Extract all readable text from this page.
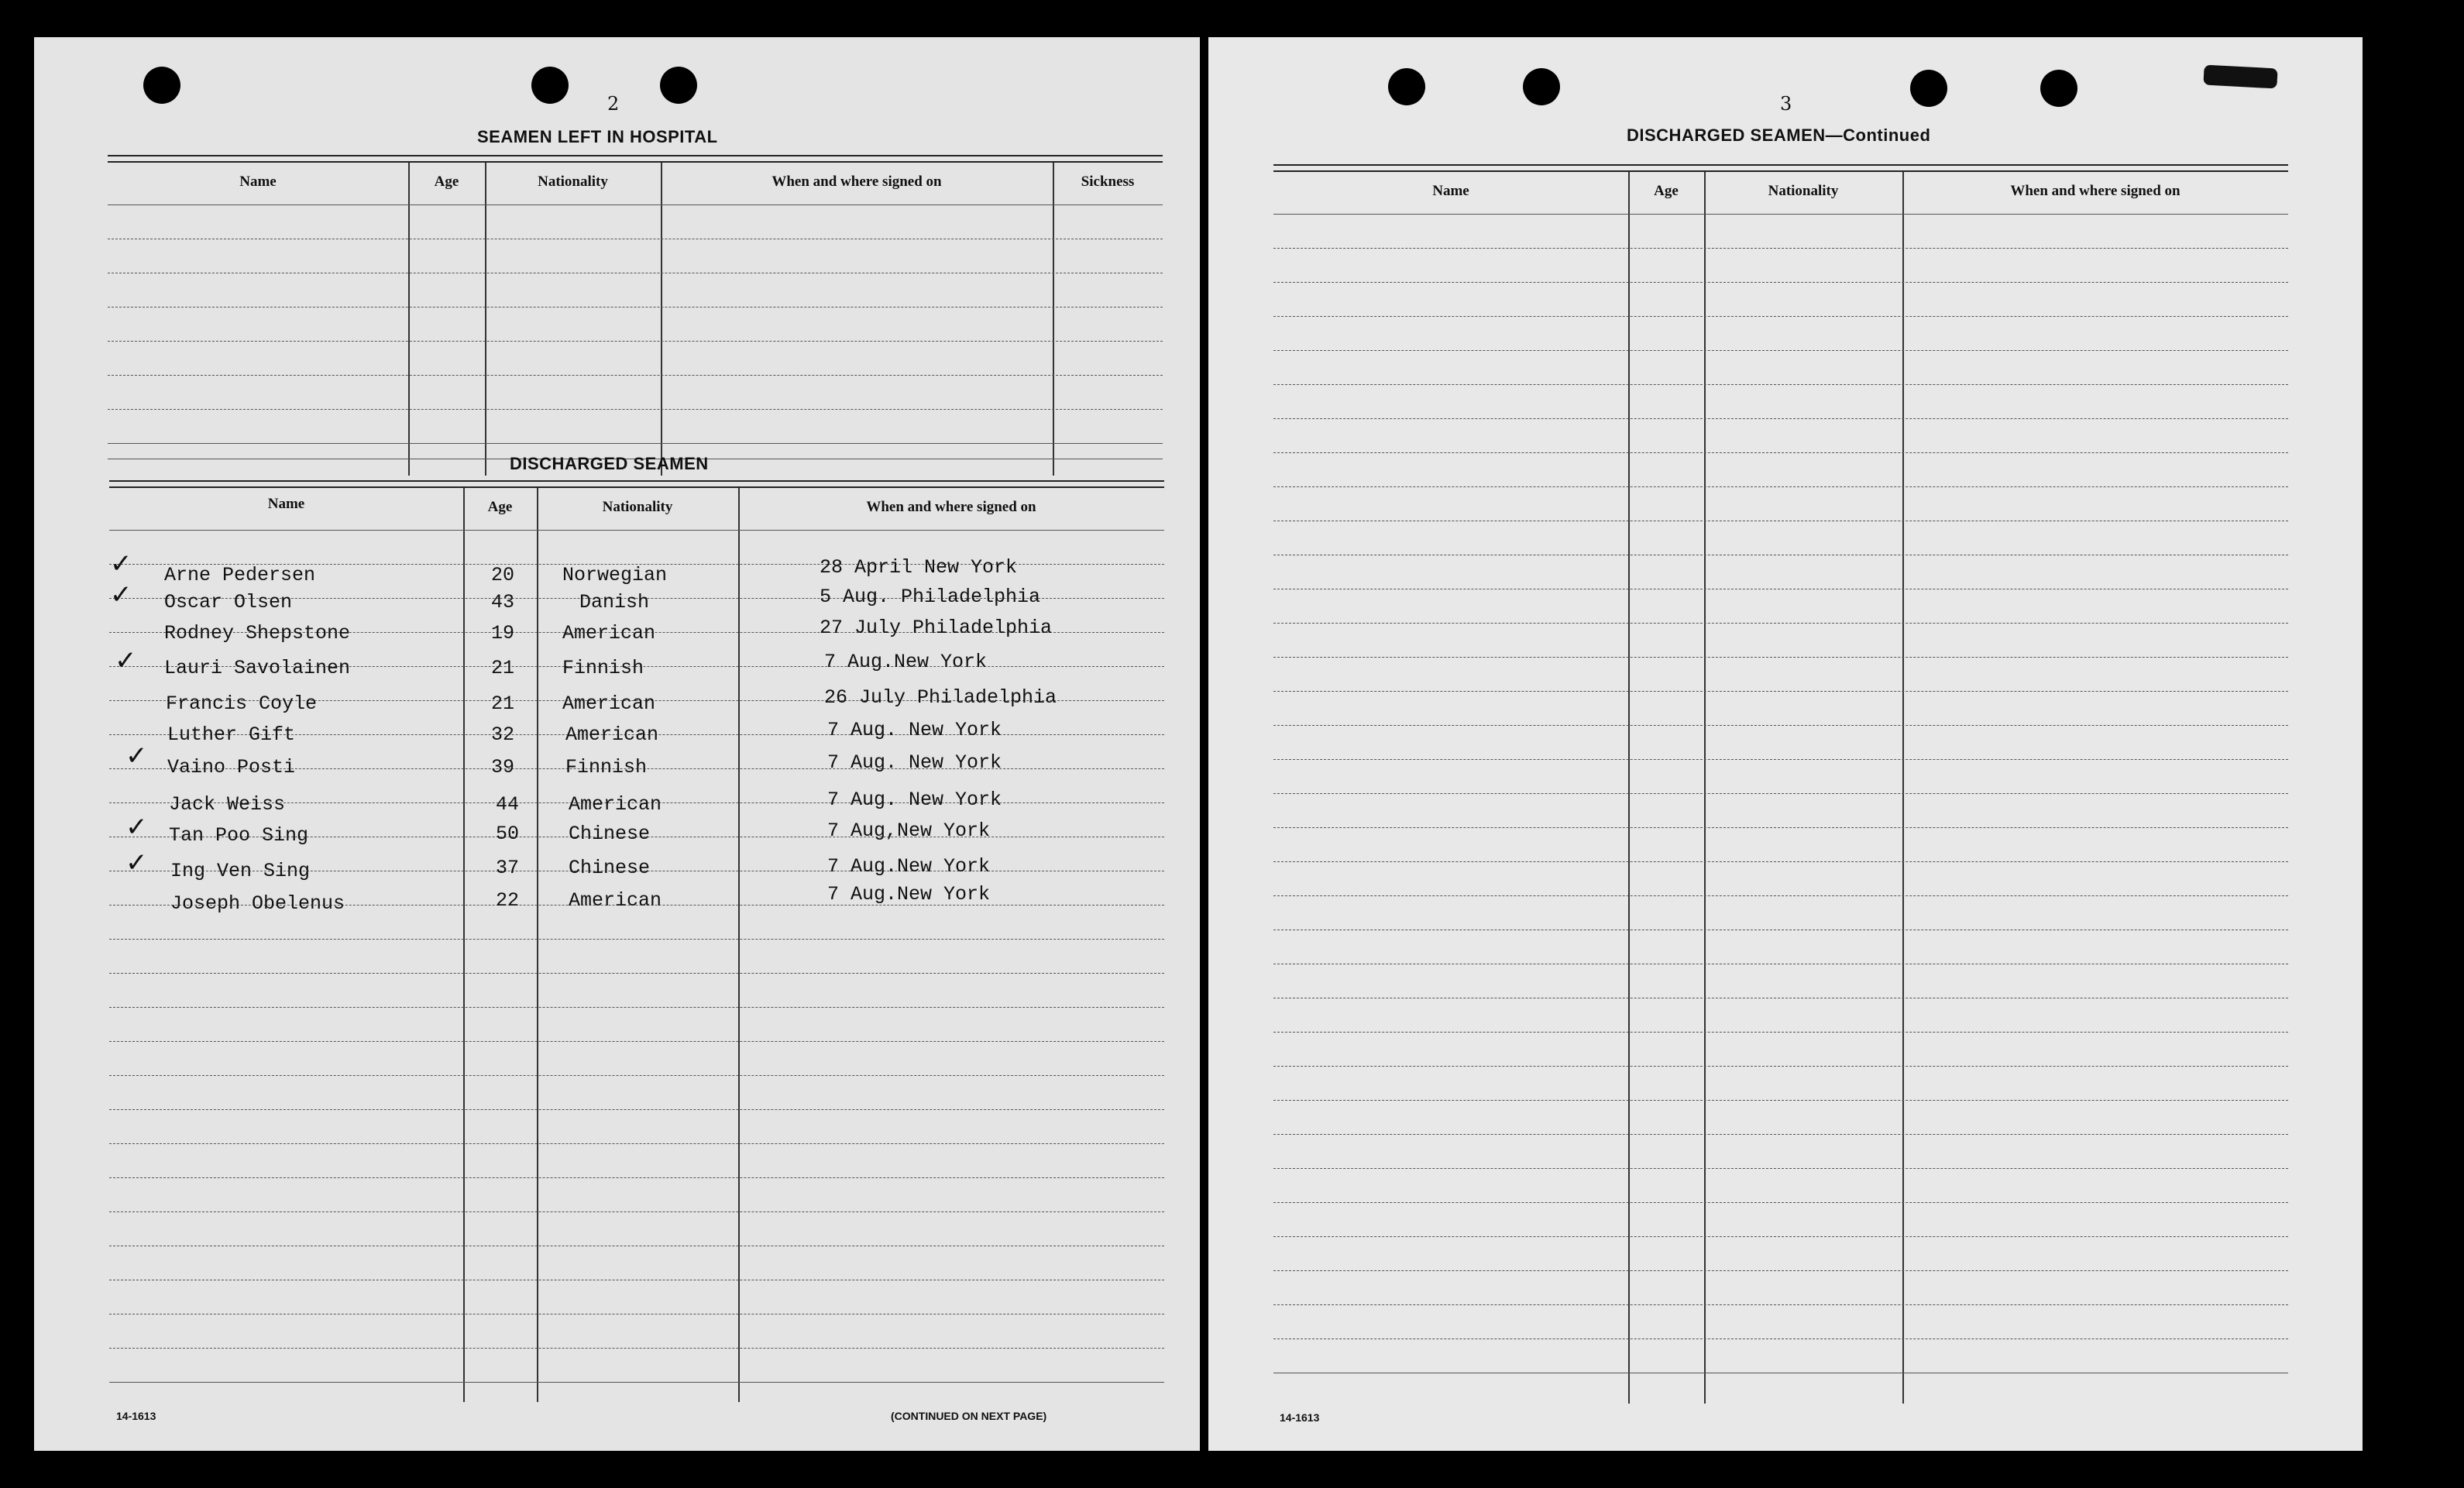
2
SEAMEN LEFT IN HOSPITAL
Name	Age	Nationality	When and where signed on	Sickness
DISCHARGED SEAMEN
Name	Age	Nationality	When and where signed on
✓ Arne Pedersen	20 Norwegian	28 April New York
✓ Oscar Olsen	43	Danish	5 Aug. Philadelphia
Rodney Shepstone	19 American	27 July Philadelphia
✓ Lauri Savolainen	21 Finnish	7 Aug.New York
Francis Coyle	21 American	26 July Philadelphia
Luther Gift	32	American	7 Aug. New York
✓ Vaino Posti	39	Finnish	7 Aug. New York
Jack Weiss	44	American	7 Aug. New York
✓ Tan Poo Sing	50	Chinese	7 Aug,New York
✓ Ing Ven Sing	37	Chinese	7 Aug.New York
Joseph Obelenus	22	American	7 Aug.New York
14-1613	(CONTINUED ON NEXT PAGE)
3
DISCHARGED SEAMEN—Continued
Name	Age	Nationality	When and where signed on
14-1613
